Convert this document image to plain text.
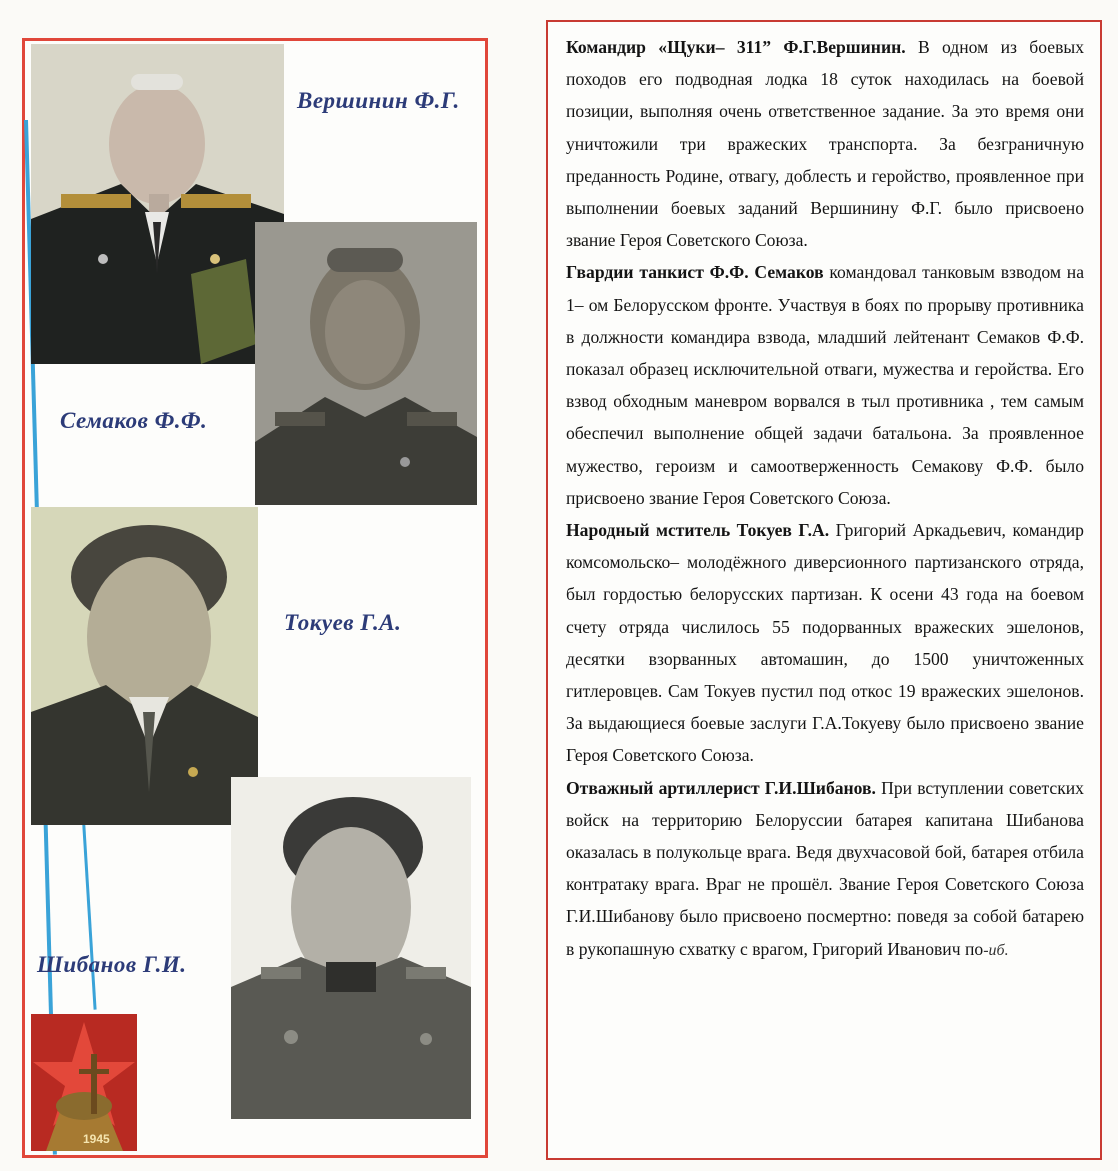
Вершинин Ф.Г.
Семаков Ф.Ф.
Токуев Г.А.
Шибанов Г.И.
1945

Командир «Щуки– 311” Ф.Г.Вершинин. В одном из боевых походов его подводная лодка 18 суток находилась на боевой позиции, выполняя очень ответственное задание. За это время они уничтожили три вражеских транспорта. За безграничную преданность Родине, отвагу, доблесть и геройство, проявленное при выполнении боевых заданий Вершинину Ф.Г. было присвоено звание Героя Советского Союза.

Гвардии танкист Ф.Ф. Семаков командовал танковым взводом на 1– ом Белорусском фронте. Участвуя в боях по прорыву противника в должности командира взвода, младший лейтенант Семаков Ф.Ф. показал образец исключительной отваги, мужества и геройства. Его взвод обходным маневром ворвался в тыл противника , тем самым обеспечил выполнение общей задачи батальона. За проявленное мужество, героизм и самоотверженность Семакову Ф.Ф. было присвоено звание Героя Советского Союза.

Народный мститель Токуев Г.А. Григорий Аркадьевич, командир комсомольско– молодёжного диверсионного партизанского отряда, был гордостью белорусских партизан. К осени 43 года на боевом счету отряда числилось 55 подорванных вражеских эшелонов, десятки взорванных автомашин, до 1500 уничтоженных гитлеровцев. Сам Токуев пустил под откос 19 вражеских эшелонов. За выдающиеся боевые заслуги Г.А.Токуеву было присвоено звание Героя Советского Союза.

Отважный артиллерист Г.И.Шибанов. При вступлении советских войск на территорию Белоруссии батарея капитана Шибанова оказалась в полукольце врага. Ведя двухчасовой бой, батарея отбила контратаку врага. Враг не прошёл. Звание Героя Советского Союза Г.И.Шибанову было присвоено посмертно: поведя за собой батарею в рукопашную схватку с врагом, Григорий Иванович по-иб.
